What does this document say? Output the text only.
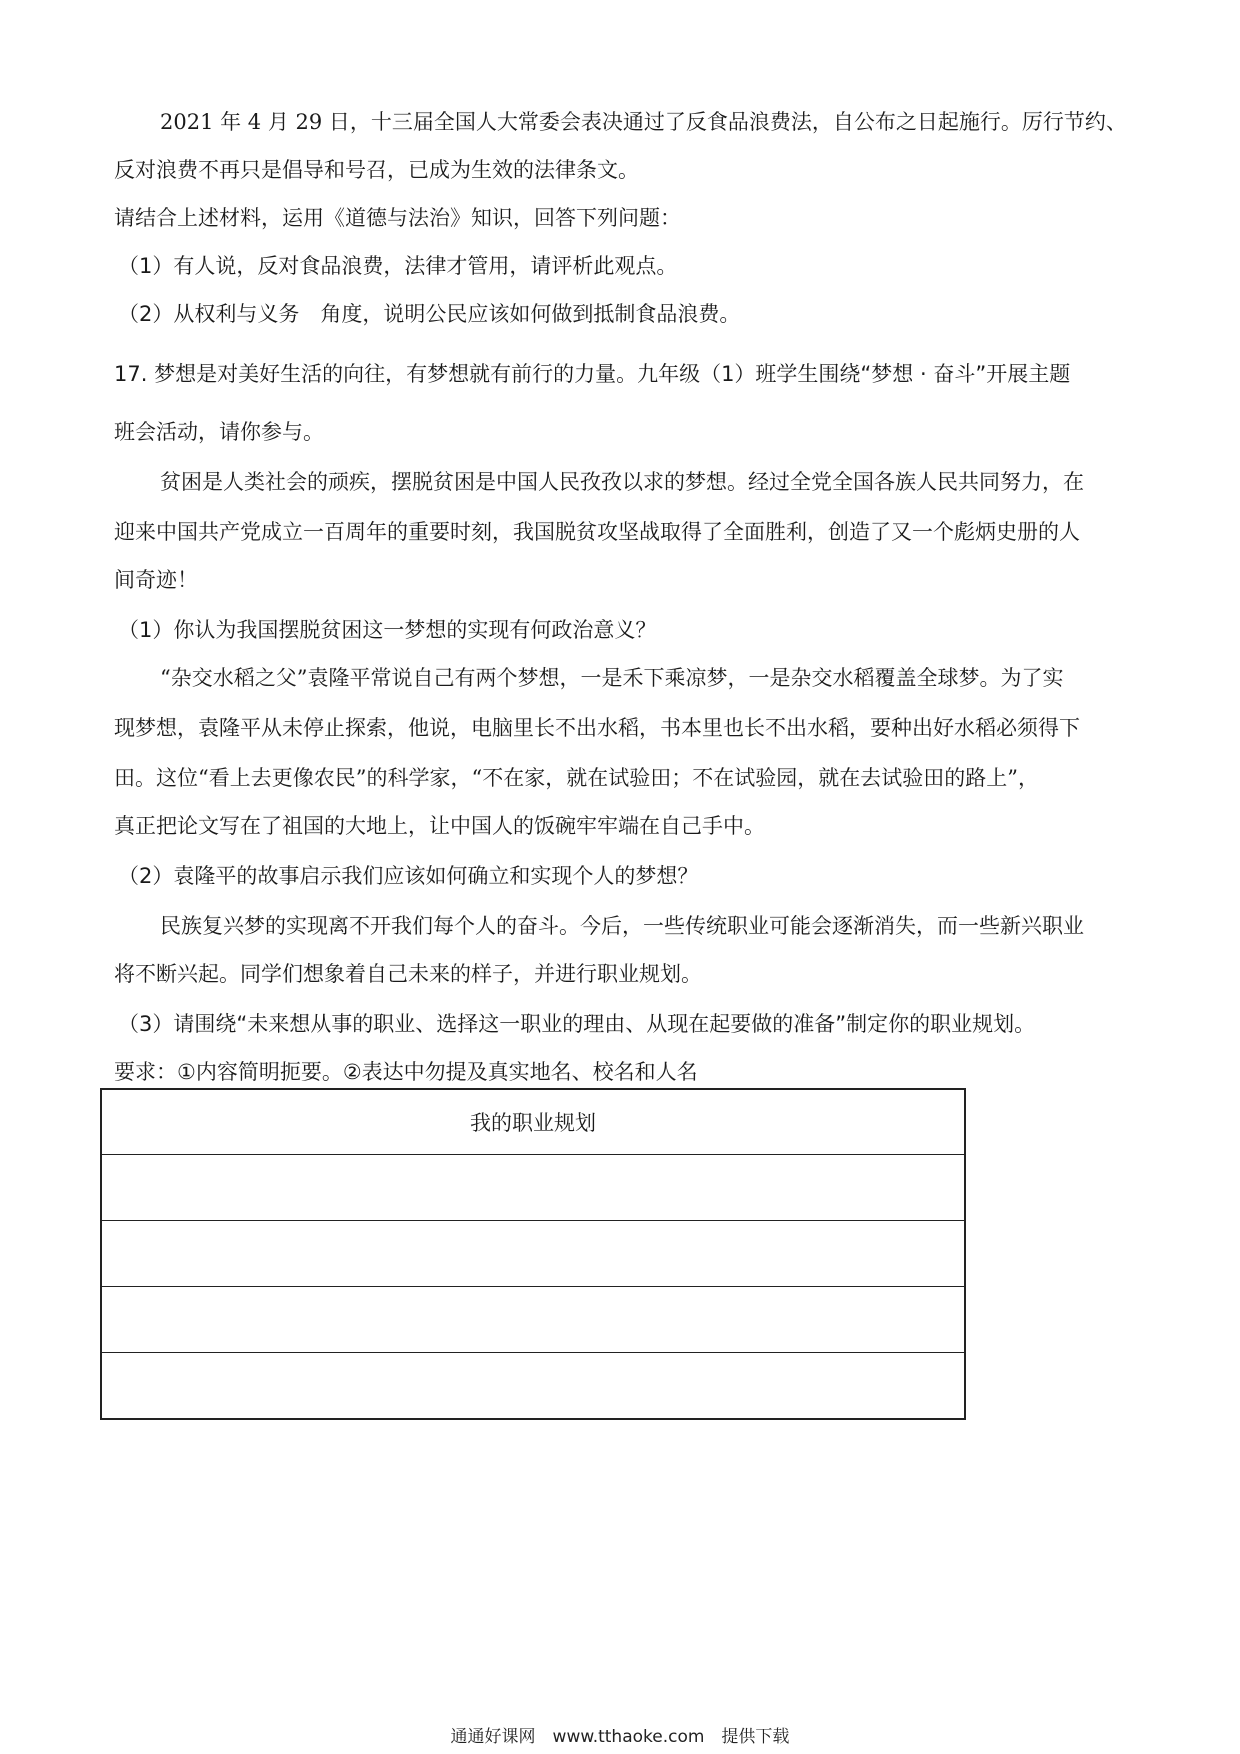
2021 年 4 月 29 日，十三届全国人大常委会表决通过了反食品浪费法，自公布之日起施行。厉行节约、
反对浪费不再只是倡导和号召，已成为生效的法律条文。
请结合上述材料，运用《道德与法治》知识，回答下列问题：
（1）有人说，反对食品浪费，法律才管用，请评析此观点。
（2）从权利与义务　角度，说明公民应该如何做到抵制食品浪费。
17. 梦想是对美好生活的向往，有梦想就有前行的力量。九年级（1）班学生围绕“梦想 · 奋斗”开展主题
班会活动，请你参与。
贫困是人类社会的顽疾，摆脱贫困是中国人民孜孜以求的梦想。经过全党全国各族人民共同努力，在
迎来中国共产党成立一百周年的重要时刻，我国脱贫攻坚战取得了全面胜利，创造了又一个彪炳史册的人
间奇迹！
（1）你认为我国摆脱贫困这一梦想的实现有何政治意义？
“杂交水稻之父”袁隆平常说自己有两个梦想，一是禾下乘凉梦，一是杂交水稻覆盖全球梦。为了实
现梦想，袁隆平从未停止探索，他说，电脑里长不出水稻，书本里也长不出水稻，要种出好水稻必须得下
田。这位“看上去更像农民”的科学家，“不在家，就在试验田；不在试验园，就在去试验田的路上”，
真正把论文写在了祖国的大地上，让中国人的饭碗牢牢端在自己手中。
（2）袁隆平的故事启示我们应该如何确立和实现个人的梦想？
民族复兴梦的实现离不开我们每个人的奋斗。今后，一些传统职业可能会逐渐消失，而一些新兴职业
将不断兴起。同学们想象着自己未来的样子，并进行职业规划。
（3）请围绕“未来想从事的职业、选择这一职业的理由、从现在起要做的准备”制定你的职业规划。
要求：①内容简明扼要。②表达中勿提及真实地名、校名和人名
我的职业规划
通通好课网　www.tthaoke.com　提供下载
